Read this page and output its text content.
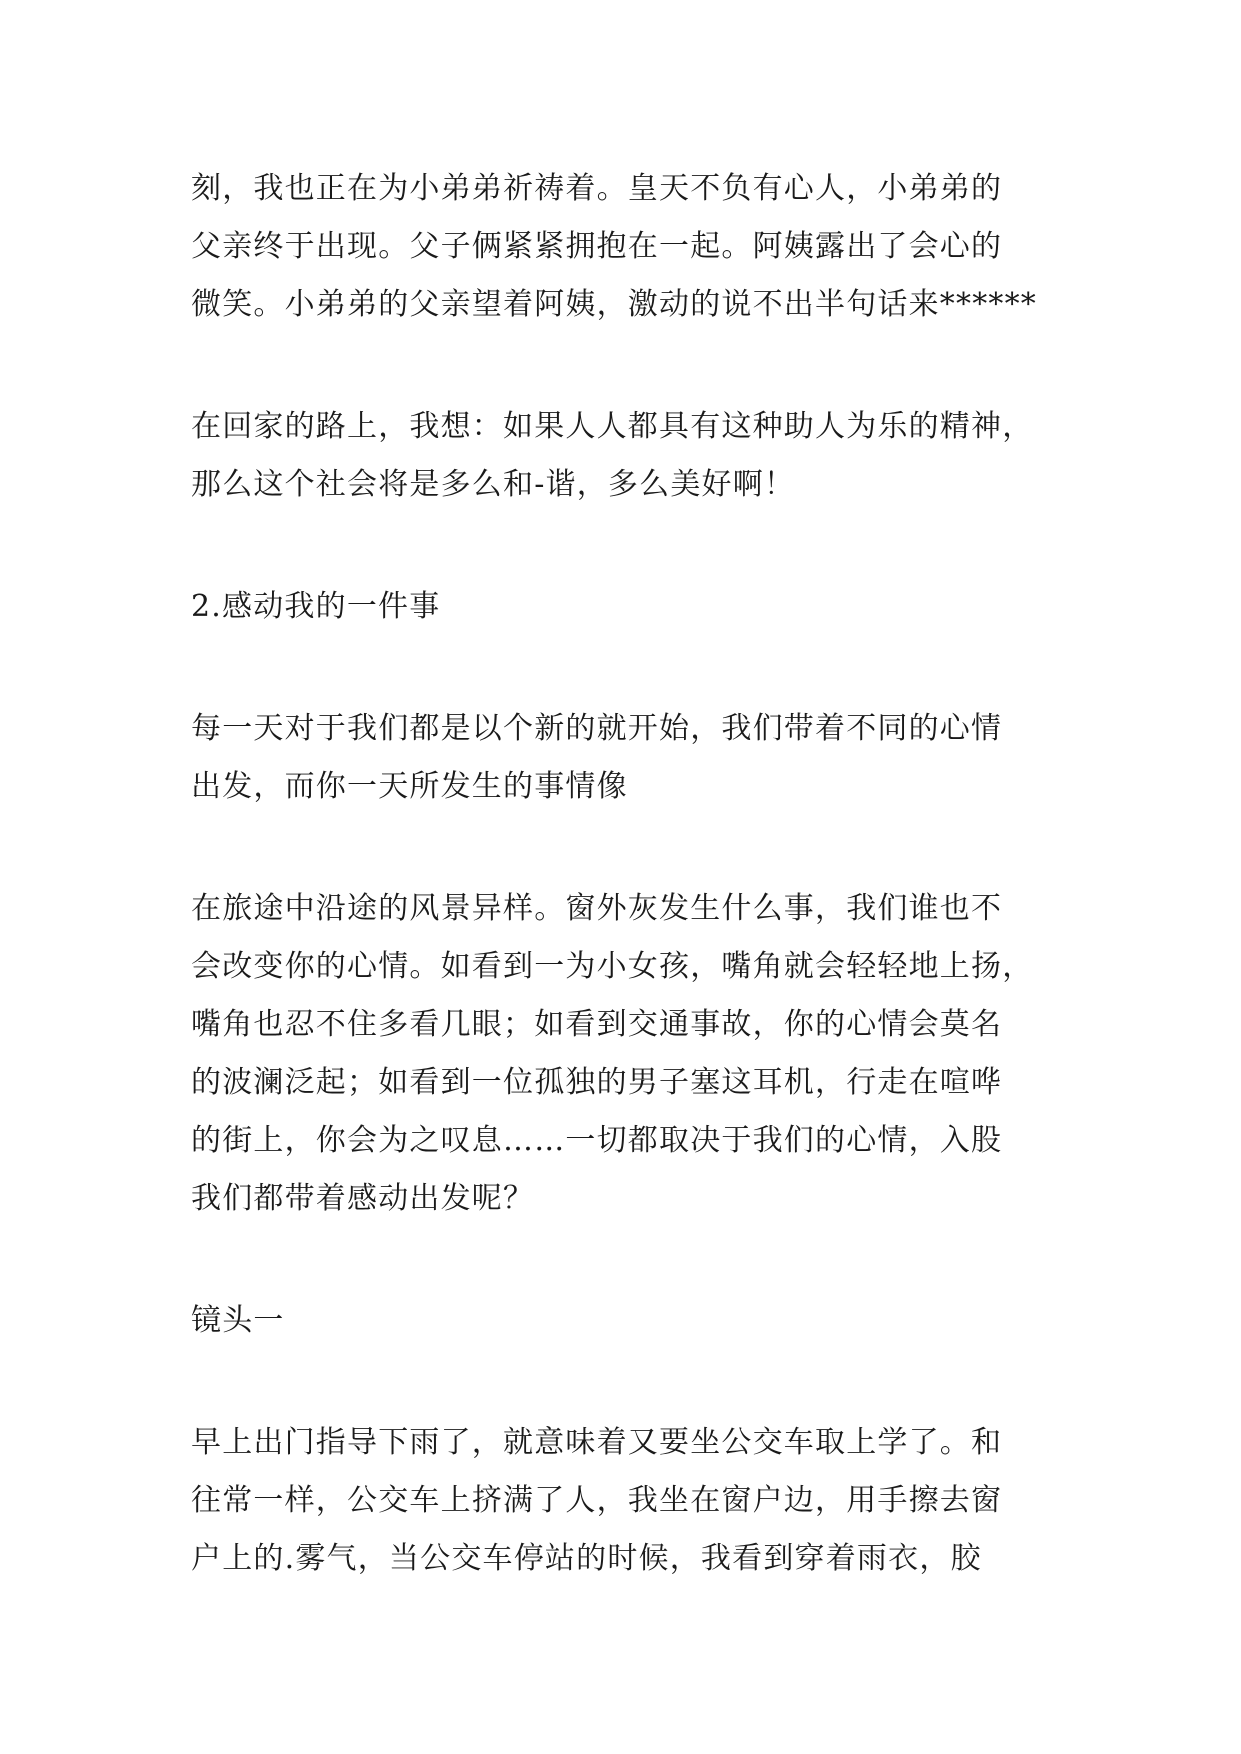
刻，我也正在为小弟弟祈祷着。皇天不负有心人，小弟弟的
父亲终于出现。父子俩紧紧拥抱在一起。阿姨露出了会心的
微笑。小弟弟的父亲望着阿姨，激动的说不出半句话来******

在回家的路上，我想：如果人人都具有这种助人为乐的精神，
那么这个社会将是多么和-谐，多么美好啊！

2.感动我的一件事

每一天对于我们都是以个新的就开始，我们带着不同的心情
出发，而你一天所发生的事情像

在旅途中沿途的风景异样。窗外灰发生什么事，我们谁也不
会改变你的心情。如看到一为小女孩，嘴角就会轻轻地上扬，
嘴角也忍不住多看几眼；如看到交通事故，你的心情会莫名
的波澜泛起；如看到一位孤独的男子塞这耳机，行走在喧哗
的街上，你会为之叹息……一切都取决于我们的心情，入股
我们都带着感动出发呢？

镜头一

早上出门指导下雨了，就意味着又要坐公交车取上学了。和
往常一样，公交车上挤满了人，我坐在窗户边，用手擦去窗
户上的.雾气，当公交车停站的时候，我看到穿着雨衣，胶
